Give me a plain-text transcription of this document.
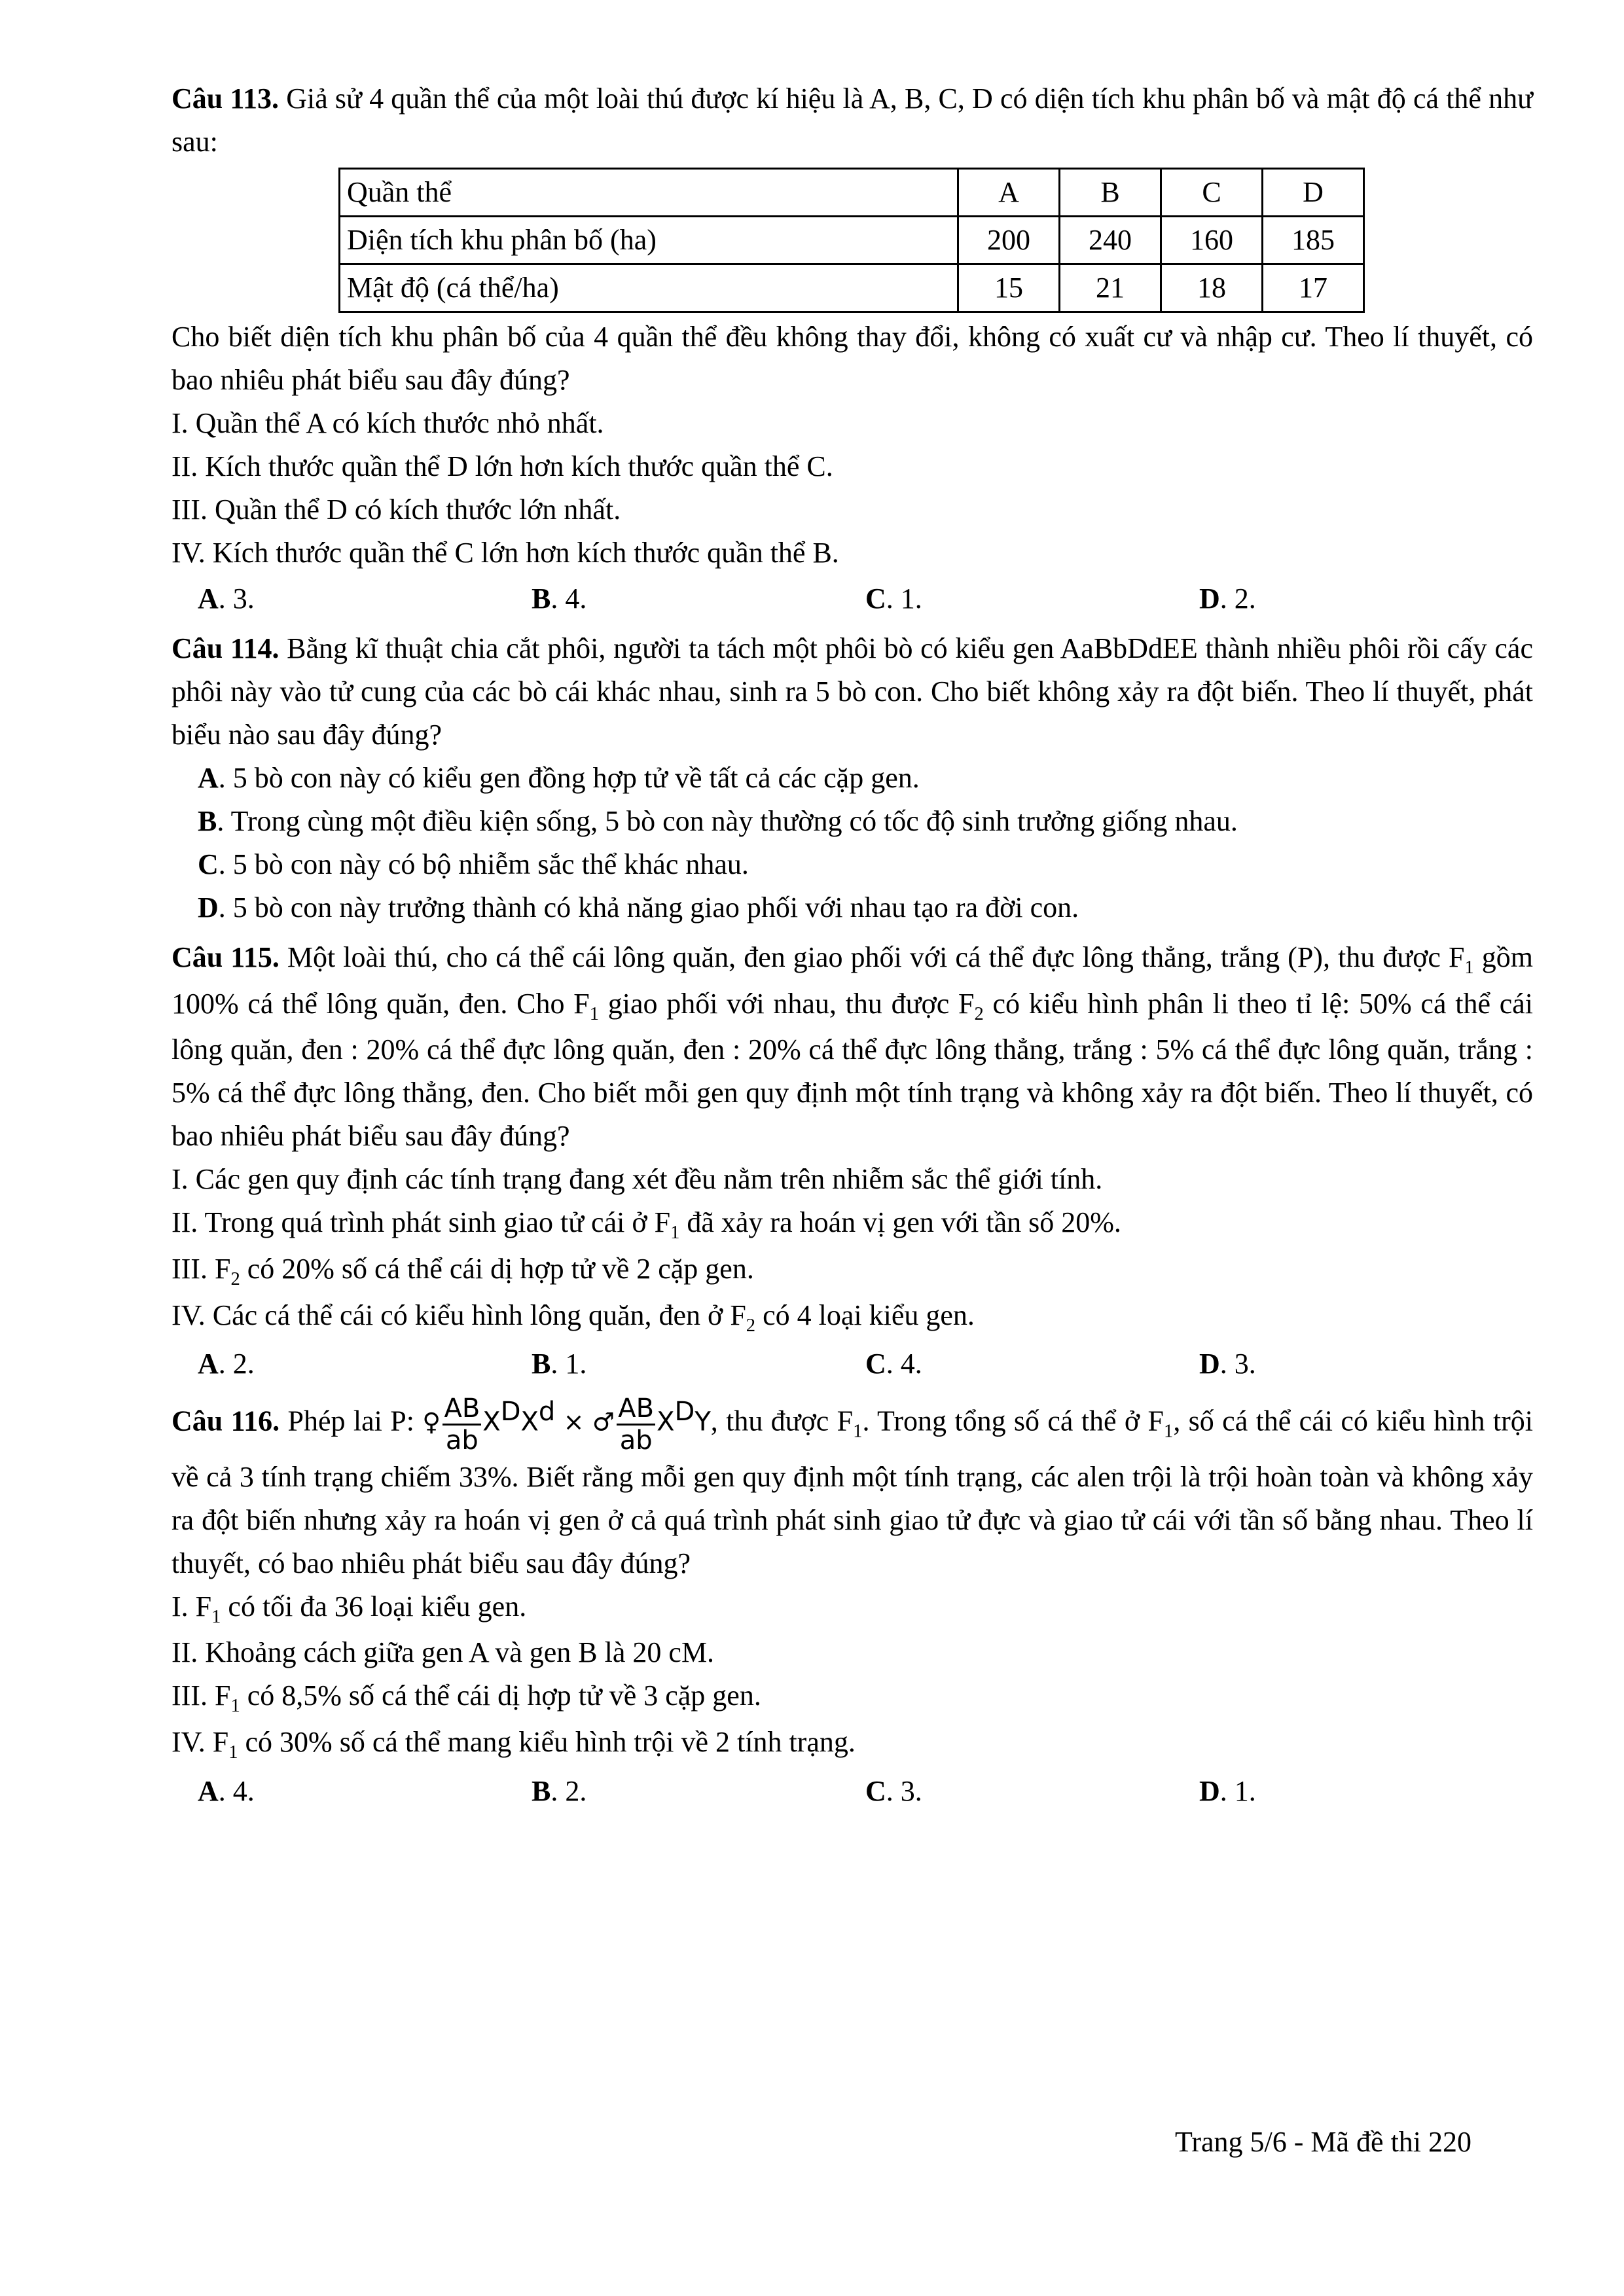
Câu 113. Giả sử 4 quần thể của một loài thú được kí hiệu là A, B, C, D có diện tích khu phân bố và mật độ cá thể như sau:

Quần thể	A	B	C	D
Diện tích khu phân bố (ha)	200	240	160	185
Mật độ (cá thể/ha)	15	21	18	17

Cho biết diện tích khu phân bố của 4 quần thể đều không thay đổi, không có xuất cư và nhập cư. Theo lí thuyết, có bao nhiêu phát biểu sau đây đúng?

I. Quần thể A có kích thước nhỏ nhất.

II. Kích thước quần thể D lớn hơn kích thước quần thể C.

III. Quần thể D có kích thước lớn nhất.

IV. Kích thước quần thể C lớn hơn kích thước quần thể B.

A. 3.	B. 4.	C. 1.	D. 2.

Câu 114. Bằng kĩ thuật chia cắt phôi, người ta tách một phôi bò có kiểu gen AaBbDdEE thành nhiều phôi rồi cấy các phôi này vào tử cung của các bò cái khác nhau, sinh ra 5 bò con. Cho biết không xảy ra đột biến. Theo lí thuyết, phát biểu nào sau đây đúng?

A. 5 bò con này có kiểu gen đồng hợp tử về tất cả các cặp gen.

B. Trong cùng một điều kiện sống, 5 bò con này thường có tốc độ sinh trưởng giống nhau.

C. 5 bò con này có bộ nhiễm sắc thể khác nhau.

D. 5 bò con này trưởng thành có khả năng giao phối với nhau tạo ra đời con.

Câu 115. Một loài thú, cho cá thể cái lông quăn, đen giao phối với cá thể đực lông thẳng, trắng (P), thu được $F_1$ gồm 100% cá thể lông quăn, đen. Cho $F_1$ giao phối với nhau, thu được $F_2$ có kiểu hình phân li theo tỉ lệ: 50% cá thể cái lông quăn, đen : 20% cá thể đực lông quăn, đen : 20% cá thể đực lông thẳng, trắng : 5% cá thể đực lông quăn, trắng : 5% cá thể đực lông thẳng, đen. Cho biết mỗi gen quy định một tính trạng và không xảy ra đột biến. Theo lí thuyết, có bao nhiêu phát biểu sau đây đúng?

I. Các gen quy định các tính trạng đang xét đều nằm trên nhiễm sắc thể giới tính.

II. Trong quá trình phát sinh giao tử cái ở $F_1$ đã xảy ra hoán vị gen với tần số 20%.

III. $F_2$ có 20% số cá thể cái dị hợp tử về 2 cặp gen.

IV. Các cá thể cái có kiểu hình lông quăn, đen ở $F_2$ có 4 loại kiểu gen.

A. 2.	B. 1.	C. 4.	D. 3.

Câu 116. Phép lai P: ♀ $\frac{AB}{ab} X^DX^d$ × ♂ $\frac{AB}{ab} X^DY$, thu được $F_1$. Trong tổng số cá thể ở $F_1$, số cá thể cái có kiểu hình trội về cả 3 tính trạng chiếm 33%. Biết rằng mỗi gen quy định một tính trạng, các alen trội là trội hoàn toàn và không xảy ra đột biến nhưng xảy ra hoán vị gen ở cả quá trình phát sinh giao tử đực và giao tử cái với tần số bằng nhau. Theo lí thuyết, có bao nhiêu phát biểu sau đây đúng?

I. $F_1$ có tối đa 36 loại kiểu gen.

II. Khoảng cách giữa gen A và gen B là 20 cM.

III. $F_1$ có 8,5% số cá thể cái dị hợp tử về 3 cặp gen.

IV. $F_1$ có 30% số cá thể mang kiểu hình trội về 2 tính trạng.

A. 4.	B. 2.	C. 3.	D. 1.
Trang 5/6 - Mã đề thi 220
